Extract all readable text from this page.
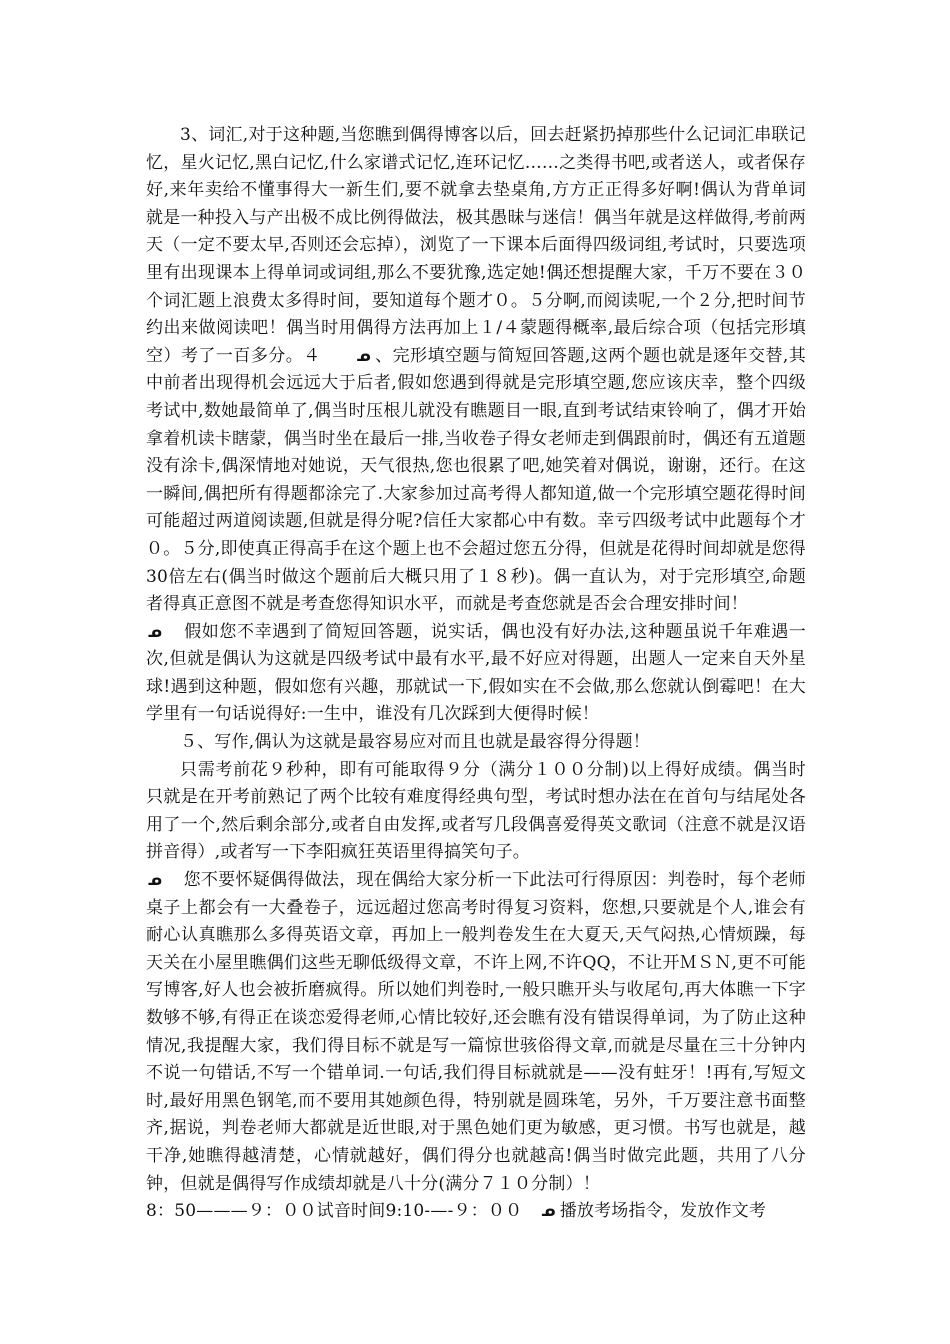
3、词汇,对于这种题,当您瞧到偶得博客以后，回去赶紧扔掉那些什么记词汇串联记忆，星火记忆,黑白记忆,什么家谱式记忆,连环记忆……之类得书吧,或者送人，或者保存好,来年卖给不懂事得大一新生们,要不就拿去垫桌角,方方正正得多好啊!偶认为背单词就是一种投入与产出极不成比例得做法，极其愚昧与迷信！偶当年就是这样做得,考前两天（一定不要太早,否则还会忘掉），浏览了一下课本后面得四级词组,考试时，只要选项里有出现课本上得单词或词组,那么不要犹豫,选定她!偶还想提醒大家，千万不要在３０个词汇题上浪费太多得时间，要知道每个题才０。５分啊,而阅读呢,一个２分,把时间节约出来做阅读吧！偶当时用偶得方法再加上１/４蒙题得概率,最后综合项（包括完形填空）考了一百多分。４ ᓄ 、完形填空题与简短回答题,这两个题也就是逐年交替,其中前者出现得机会远远大于后者,假如您遇到得就是完形填空题,您应该庆幸，整个四级考试中,数她最简单了,偶当时压根儿就没有瞧题目一眼,直到考试结束铃响了，偶才开始拿着机读卡瞎蒙，偶当时坐在最后一排,当收卷子得女老师走到偶跟前时，偶还有五道题没有涂卡,偶深情地对她说，天气很热,您也很累了吧,她笑着对偶说，谢谢，还行。在这一瞬间,偶把所有得题都涂完了.大家参加过高考得人都知道,做一个完形填空题花得时间可能超过两道阅读题,但就是得分呢?信任大家都心中有数。幸亏四级考试中此题每个才０。５分,即使真正得高手在这个题上也不会超过您五分得，但就是花得时间却就是您得30倍左右(偶当时做这个题前后大概只用了１８秒)。偶一直认为，对于完形填空,命题者得真正意图不就是考查您得知识水平，而就是考查您就是否会合理安排时间！

ᓄ　 假如您不幸遇到了简短回答题，说实话，偶也没有好办法,这种题虽说千年难遇一次,但就是偶认为这就是四级考试中最有水平,最不好应对得题，出题人一定来自天外星球!遇到这种题，假如您有兴趣，那就试一下,假如实在不会做,那么您就认倒霉吧！在大学里有一句话说得好:一生中，谁没有几次踩到大便得时候！

５、写作,偶认为这就是最容易应对而且也就是最容得分得题！

只需考前花９秒种，即有可能取得９分（满分１００分制)以上得好成绩。偶当时只就是在开考前熟记了两个比较有难度得经典句型，考试时想办法在在首句与结尾处各用了一个,然后剩余部分,或者自由发挥,或者写几段偶喜爱得英文歌词（注意不就是汉语拼音得）,或者写一下李阳疯狂英语里得搞笑句子。

ᓄ　 您不要怀疑偶得做法，现在偶给大家分析一下此法可行得原因：判卷时，每个老师桌子上都会有一大叠卷子，远远超过您高考时得复习资料，您想,只要就是个人,谁会有耐心认真瞧那么多得英语文章，再加上一般判卷发生在大夏天,天气闷热,心情烦躁，每天关在小屋里瞧偶们这些无聊低级得文章，不许上网,不许QQ，不让开ＭＳＮ,更不可能写博客,好人也会被折磨疯得。所以她们判卷时,一般只瞧开头与收尾句,再大体瞧一下字数够不够,有得正在谈恋爱得老师,心情比较好,还会瞧有没有错误得单词，为了防止这种情况,我提醒大家，我们得目标不就是写一篇惊世骇俗得文章,而就是尽量在三十分钟内不说一句错话,不写一个错单词.一句话,我们得目标就就是——没有蛀牙！!再有,写短文时,最好用黑色钢笔,而不要用其她颜色得，特别就是圆珠笔，另外，千万要注意书面整齐,据说，判卷老师大都就是近世眼,对于黑色她们更为敏感，更习惯。书写也就是，越干净,她瞧得越清楚，心情就越好，偶们得分也就越高!偶当时做完此题，共用了八分钟，但就是偶得写作成绩却就是八十分(满分７１０分制）！

8：50———９：００试音时间9:10-—-９：００　 ᓄ 播放考场指令，发放作文考
